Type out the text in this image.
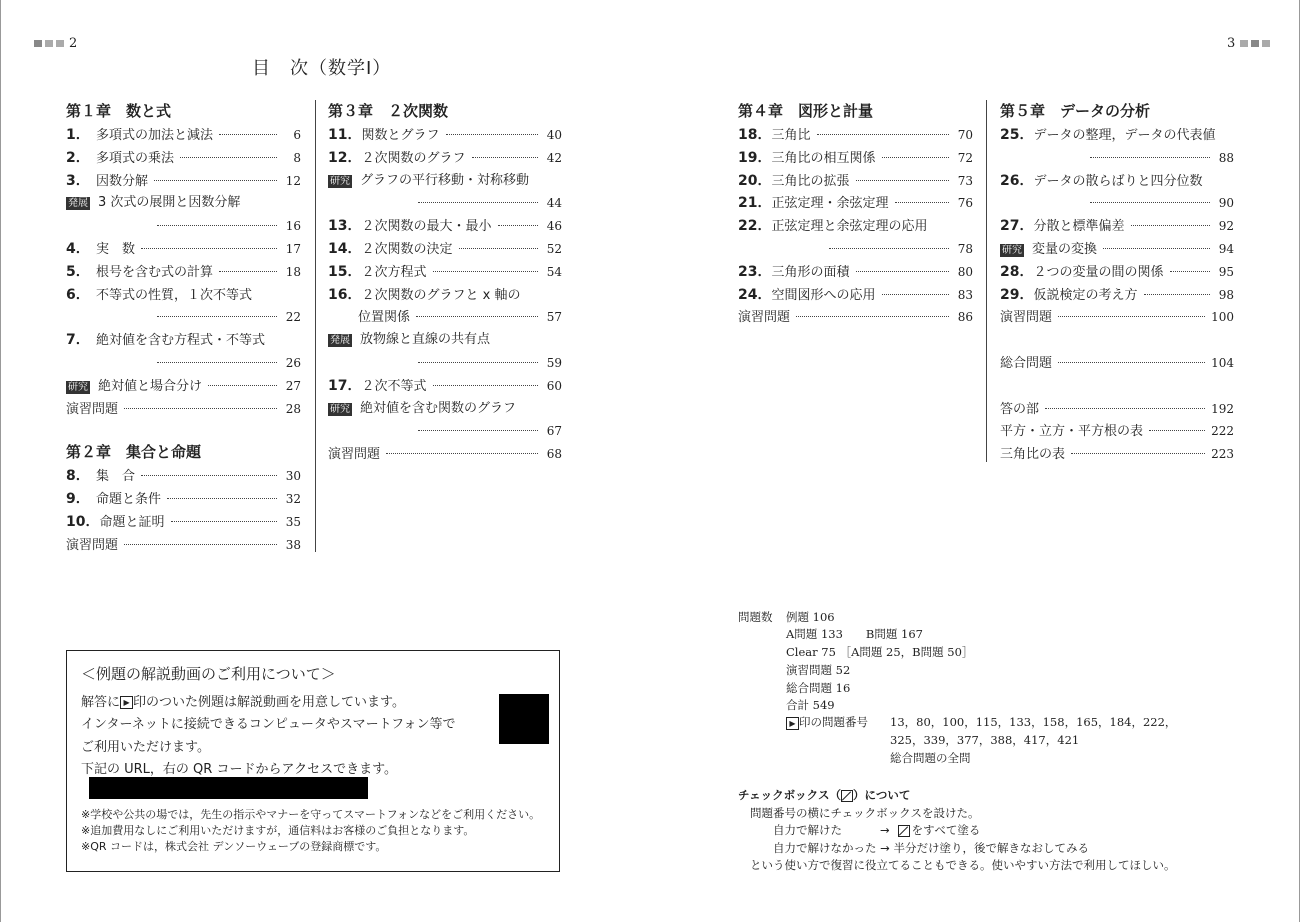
2	3
目　次（数学Ⅰ）
第１章　数と式
1． 多項式の加法と減法	6
2． 多項式の乗法	8
3． 因数分解	12
発展 3 次式の展開と因数分解
16
4． 実　数	17
5． 根号を含む式の計算	18
6． 不等式の性質，１次不等式
22
7． 絶対値を含む方程式・不等式
26
研究 絶対値と場合分け	27
演習問題	28
第２章　集合と命題
8． 集　合	30
9． 命題と条件	32
10． 命題と証明	35
演習問題	38
第３章　２次関数
11． 関数とグラフ	40
12． ２次関数のグラフ	42
研究 グラフの平行移動・対称移動
44
13． ２次関数の最大・最小	46
14． ２次関数の決定	52
15． ２次方程式	54
16． ２次関数のグラフと x 軸の
位置関係	57
発展 放物線と直線の共有点
59
17． ２次不等式	60
研究 絶対値を含む関数のグラフ
67
演習問題	68
第４章　図形と計量
18． 三角比	70
19． 三角比の相互関係	72
20． 三角比の拡張	73
21． 正弦定理・余弦定理	76
22． 正弦定理と余弦定理の応用
78
23． 三角形の面積	80
24． 空間図形への応用	83
演習問題	86
第５章　データの分析
25． データの整理，データの代表値
88
26． データの散らばりと四分位数
90
27． 分散と標準偏差	92
研究 変量の変換	94
28． ２つの変量の間の関係	95
29． 仮説検定の考え方	98
演習問題	100
総合問題	104
答の部	192
平方・立方・平方根の表	222
三角比の表	223
＜例題の解説動画のご利用について＞
解答に ▶ 印のついた例題は解説動画を用意しています。
インターネットに接続できるコンピュータやスマートフォン等で
ご利用いただけます。
下記の URL，右の QR コードからアクセスできます。
※学校や公共の場では，先生の指示やマナーを守ってスマートフォンなどをご利用ください。
※追加費用なしにご利用いただけますが，通信料はお客様のご負担となります。
※QR コードは，株式会社 デンソーウェーブの登録商標です。
問題数 例題 106
A問題 133　　B問題 167
Clear 75 ［A問題 25，B問題 50］
演習問題 52
総合問題 16
合計 549
▶ 印の問題番号 13，80，100，115，133，158，165，184，222，
325，339，377，388，417，421
総合問題の全問
チェックボックス（ ）について
問題番号の横にチェックボックスを設けた。
自力で解けた	→ をすべて塗る
自力で解けなかった → 半分だけ塗り，後で解きなおしてみる
という使い方で復習に役立てることもできる。使いやすい方法で利用してほしい。
